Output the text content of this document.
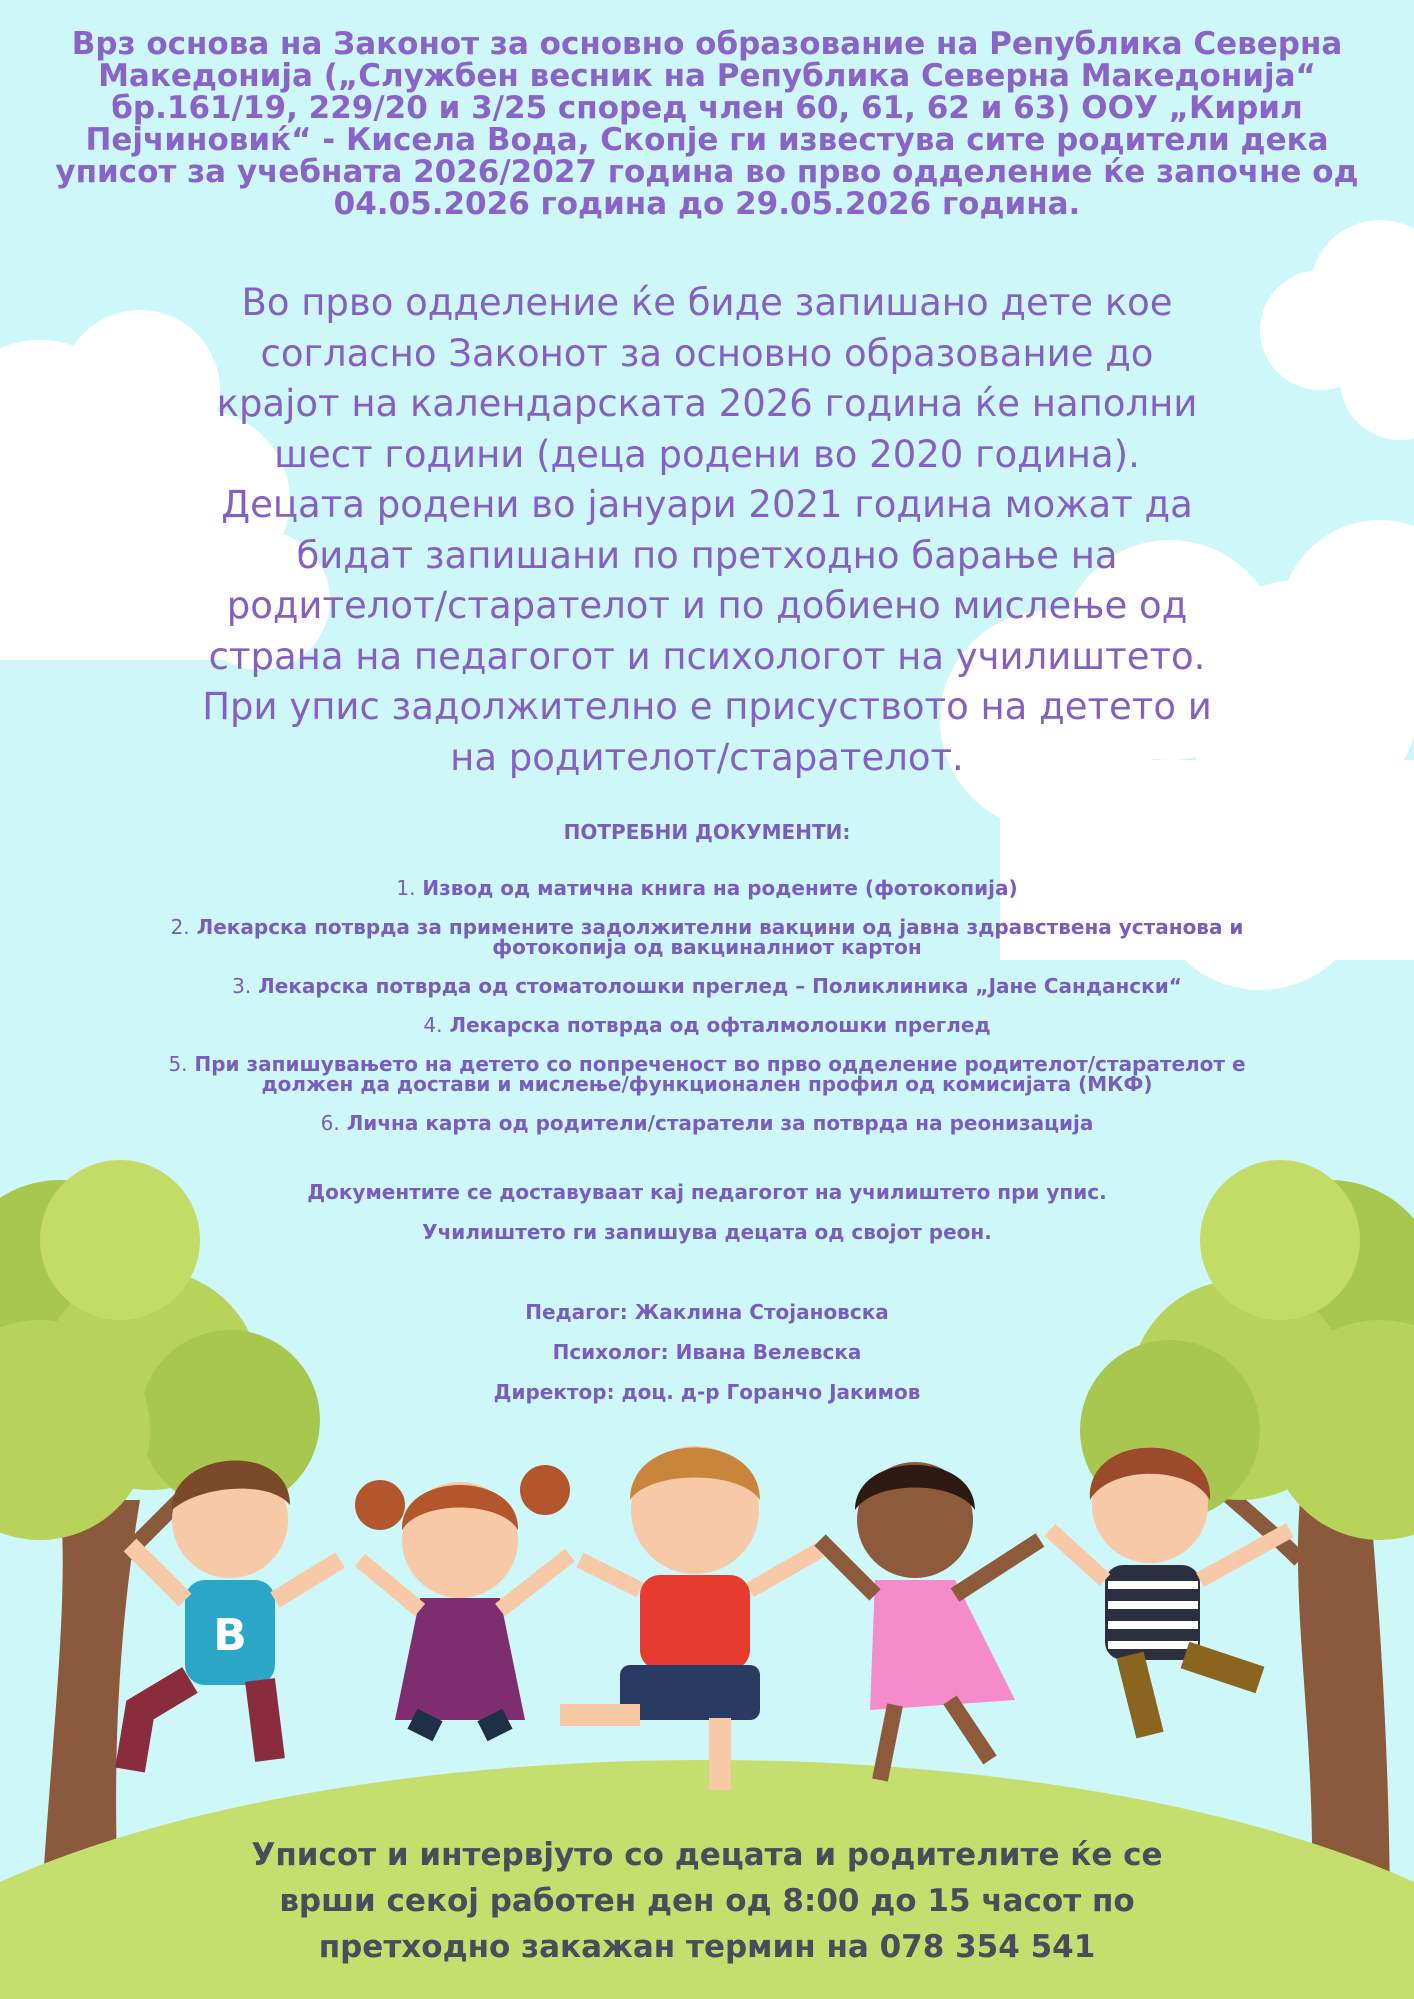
B
Врз основа на Законот за основно образование на Република Северна Македонија („Службен весник на Република Северна Македонија“ бр.161/19, 229/20 и 3/25 според член 60, 61, 62 и 63) ООУ „Кирил Пејчиновиќ“ - Кисела Вода, Скопје ги известува сите родители дека уписот за учебната 2026/2027 година во прво одделение ќе започне од 04.05.2026 година до 29.05.2026 година.
Во прво одделение ќе биде запишано дете кое согласно Законот за основно образование до крајот на календарската 2026 година ќе наполни шест години (деца родени во 2020 година). Децата родени во јануари 2021 година можат да бидат запишани по претходно барање на родителот/старателот и по добиено мислење од страна на педагогот и психологот на училиштето. При упис задолжително е присуството на детето и на родителот/старателот.
ПОТРЕБНИ ДОКУМЕНТИ:
1. Извод од матична книга на родените (фотокопија)
2. Лекарска потврда за примените задолжителни вакцини од јавна здравствена установа и фотокопија од вакциналниот картон
3. Лекарска потврда од стоматолошки преглед – Поликлиника „Јане Сандански“
4. Лекарска потврда од офталмолошки преглед
5. При запишувањето на детето со попреченост во прво одделение родителот/старателот е должен да достави и мислење/функционален профил од комисијата (МКФ)
6. Лична карта од родители/старатели за потврда на реонизација
Документите се доставуваат кај педагогот на училиштето при упис.
Училиштето ги запишува децата од својот реон.
Педагог: Жаклина Стојановска
Психолог: Ивана Велевска
Директор: доц. д-р Горанчо Јакимов
Уписот и интервјуто со децата и родителите ќе се врши секој работен ден од 8:00 до 15 часот по претходно закажан термин на 078 354 541
